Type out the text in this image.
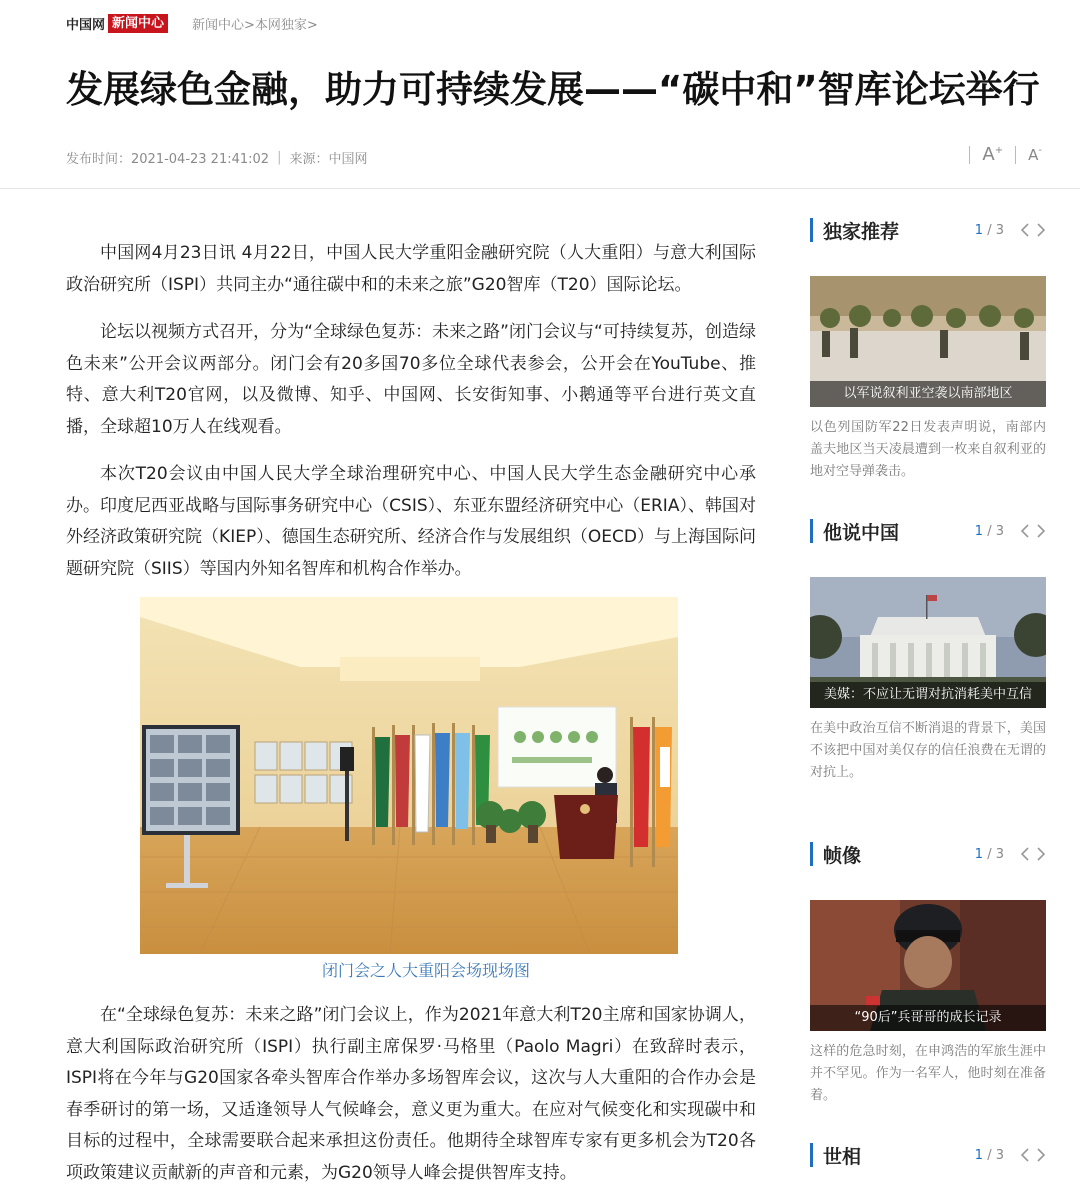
中国网 新闻中心	新闻中心>本网独家>
发展绿色金融，助力可持续发展——“碳中和”智库论坛举行
发布时间：2021-04-23 21:41:02 | 来源：中国网	A+ A-

中国网4月23日讯 4月22日，中国人民大学重阳金融研究院（人大重阳）与意大利国际政治研究所（ISPI）共同主办“通往碳中和的未来之旅”G20智库（T20）国际论坛。

论坛以视频方式召开，分为“全球绿色复苏：未来之路”闭门会议与“可持续复苏，创造绿色未来”公开会议两部分。闭门会有20多国70多位全球代表参会，公开会在YouTube、推特、意大利T20官网，以及微博、知乎、中国网、长安街知事、小鹅通等平台进行英文直播，全球超10万人在线观看。

本次T20会议由中国人民大学全球治理研究中心、中国人民大学生态金融研究中心承办。印度尼西亚战略与国际事务研究中心（CSIS）、东亚东盟经济研究中心（ERIA）、韩国对外经济政策研究院（KIEP）、德国生态研究所、经济合作与发展组织（OECD）与上海国际问题研究院（SIIS）等国内外知名智库和机构合作举办。

闭门会之人大重阳会场现场图

在“全球绿色复苏：未来之路”闭门会议上，作为2021年意大利T20主席和国家协调人，意大利国际政治研究所（ISPI）执行副主席保罗·马格里（Paolo Magri）在致辞时表示，ISPI将在今年与G20国家各牵头智库合作举办多场智库会议，这次与人大重阳的合作办会是春季研讨的第一场，又适逢领导人气候峰会，意义更为重大。在应对气候变化和实现碳中和目标的过程中，全球需要联合起来承担这份责任。他期待全球智库专家有更多机会为T20各项政策建议贡献新的声音和元素，为G20领导人峰会提供智库支持。

独家推荐	1 / 3
以军说叙利亚空袭以南部地区
以色列国防军22日发表声明说，南部内盖夫地区当天凌晨遭到一枚来自叙利亚的地对空导弹袭击。
他说中国	1 / 3
美媒：不应让无谓对抗消耗美中互信
在美中政治互信不断消退的背景下，美国不该把中国对美仅存的信任浪费在无谓的对抗上。
帧像	1 / 3
“90后”兵哥哥的成长记录
这样的危急时刻，在申鸿浩的军旅生涯中并不罕见。作为一名军人，他时刻在准备着。
世相	1 / 3
